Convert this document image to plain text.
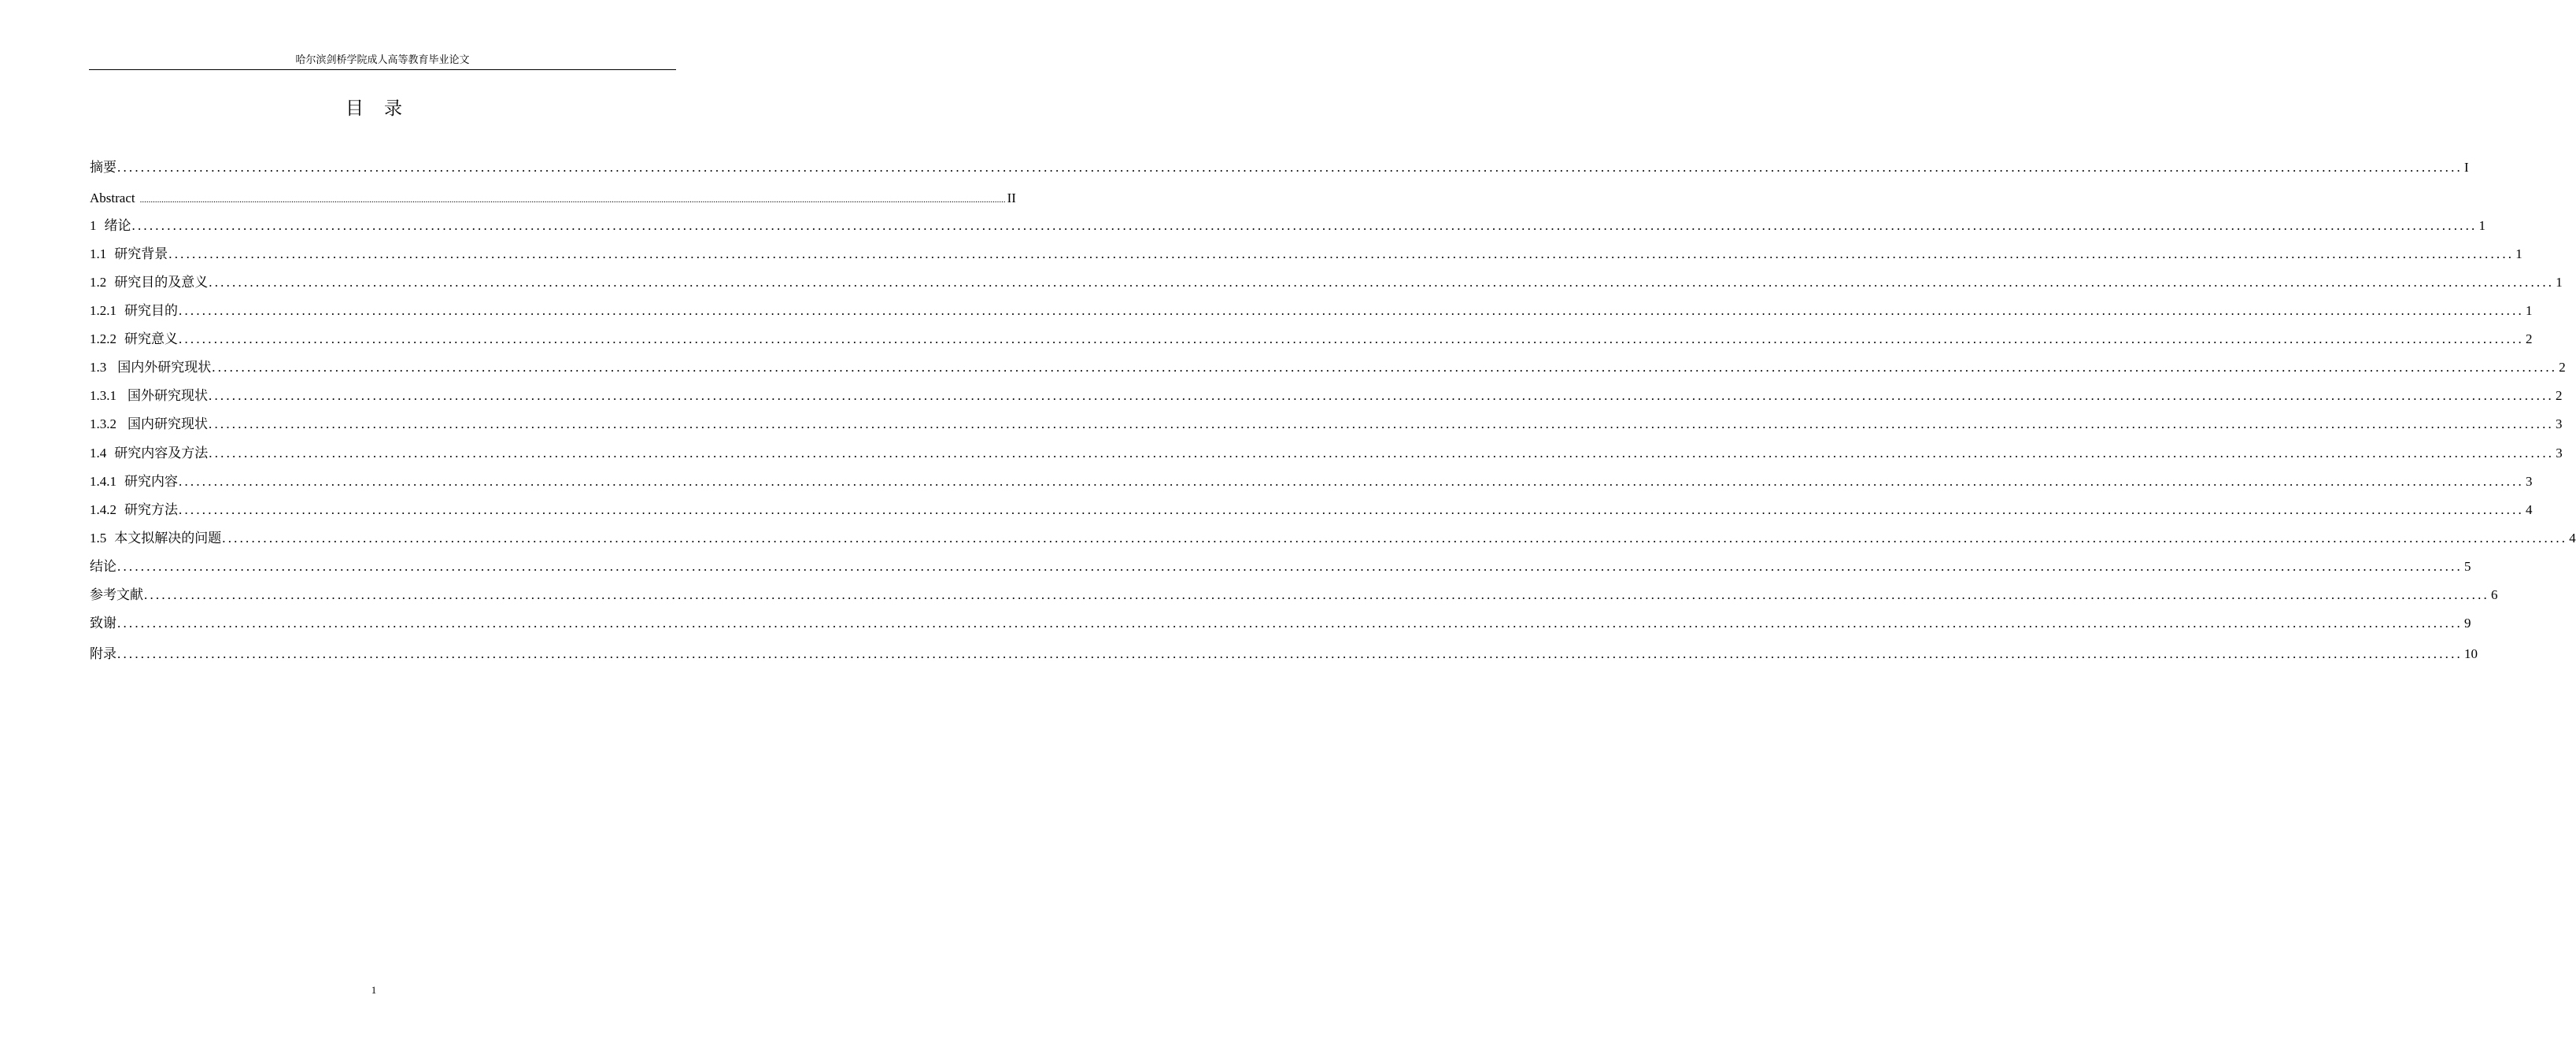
哈尔滨剑桥学院成人高等教育毕业论文
目 录
摘要 ................................................................................................................................................................................................................................................................................................................................................................................................................ I
Abstract ................................................................................................................................................................................................................................................................................................................................................................................................................ II
1 绪论 ................................................................................................................................................................................................................................................................................................................................................................................................................ 1
1.1 研究背景 ................................................................................................................................................................................................................................................................................................................................................................................................................ 1
1.2 研究目的及意义 ................................................................................................................................................................................................................................................................................................................................................................................................................ 1
1.2.1 研究目的 ................................................................................................................................................................................................................................................................................................................................................................................................................ 1
1.2.2 研究意义 ................................................................................................................................................................................................................................................................................................................................................................................................................ 2
1.3 国内外研究现状 ................................................................................................................................................................................................................................................................................................................................................................................................................ 2
1.3.1 国外研究现状 ................................................................................................................................................................................................................................................................................................................................................................................................................ 2
1.3.2 国内研究现状 ................................................................................................................................................................................................................................................................................................................................................................................................................ 3
1.4 研究内容及方法 ................................................................................................................................................................................................................................................................................................................................................................................................................ 3
1.4.1 研究内容 ................................................................................................................................................................................................................................................................................................................................................................................................................ 3
1.4.2 研究方法 ................................................................................................................................................................................................................................................................................................................................................................................................................ 4
1.5 本文拟解决的问题 ................................................................................................................................................................................................................................................................................................................................................................................................................ 4
结论 ................................................................................................................................................................................................................................................................................................................................................................................................................ 5
参考文献 ................................................................................................................................................................................................................................................................................................................................................................................................................ 6
致谢 ................................................................................................................................................................................................................................................................................................................................................................................................................ 9
附录 ................................................................................................................................................................................................................................................................................................................................................................................................................ 10
1
